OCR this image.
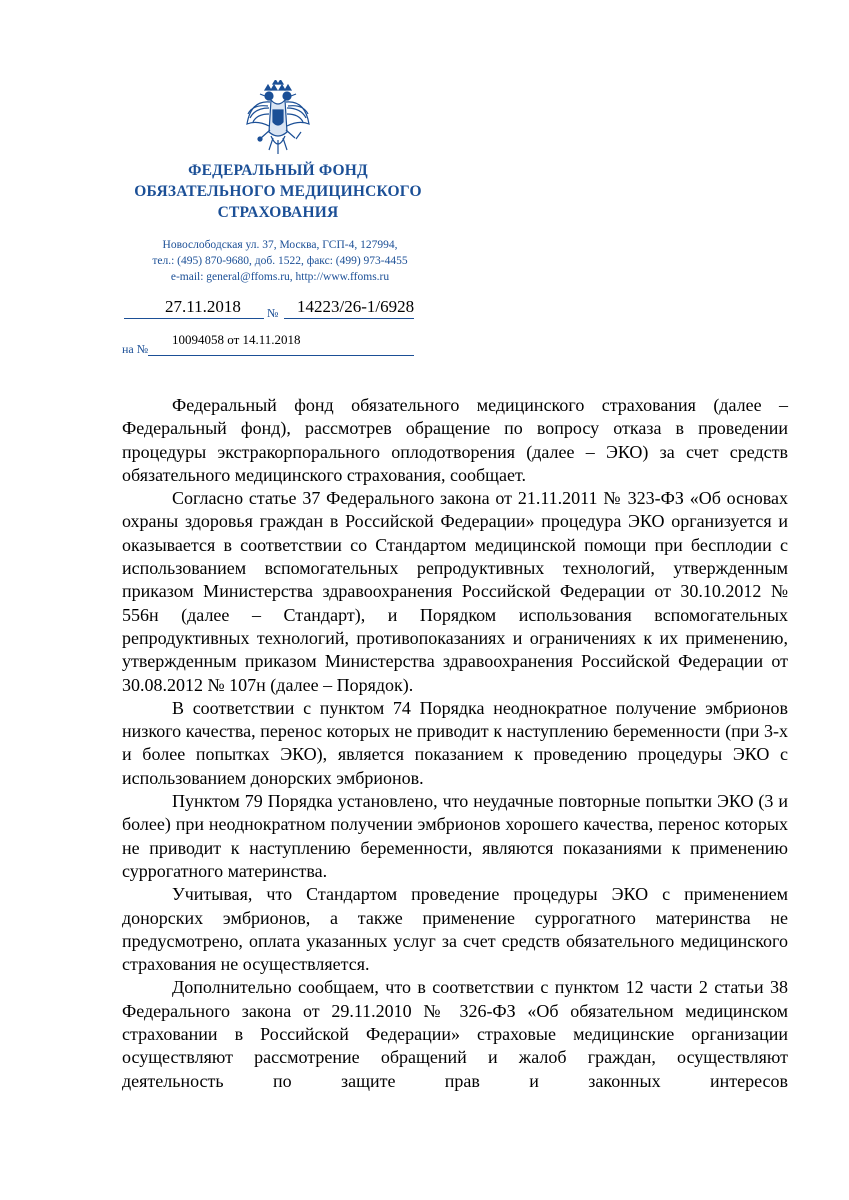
ФЕДЕРАЛЬНЫЙ ФОНД
ОБЯЗАТЕЛЬНОГО МЕДИЦИНСКОГО
СТРАХОВАНИЯ
Новослободская ул. 37, Москва, ГСП-4, 127994,
тел.: (495) 870-9680, доб. 1522, факс: (499) 973-4455
e-mail: general@ffoms.ru, http://www.ffoms.ru
27.11.2018 № 14223/26-1/6928
10094058 от 14.11.2018
на №

Федеральный фонд обязательного медицинского страхования (далее – Федеральный фонд), рассмотрев обращение по вопросу отказа в проведении процедуры экстракорпорального оплодотворения (далее – ЭКО) за счет средств обязательного медицинского страхования, сообщает.

Согласно статье 37 Федерального закона от 21.11.2011 № 323-ФЗ «Об основах охраны здоровья граждан в Российской Федерации» процедура ЭКО организуется и оказывается в соответствии со Стандартом медицинской помощи при бесплодии с использованием вспомогательных репродуктивных технологий, утвержденным приказом Министерства здравоохранения Российской Федерации от 30.10.2012 № 556н (далее – Стандарт), и Порядком использования вспомогательных репродуктивных технологий, противопоказаниях и ограничениях к их применению, утвержденным приказом Министерства здравоохранения Российской Федерации от 30.08.2012 № 107н (далее – Порядок).

В соответствии с пунктом 74 Порядка неоднократное получение эмбрионов низкого качества, перенос которых не приводит к наступлению беременности (при 3-х и более попытках ЭКО), является показанием к проведению процедуры ЭКО с использованием донорских эмбрионов.

Пунктом 79 Порядка установлено, что неудачные повторные попытки ЭКО (3 и более) при неоднократном получении эмбрионов хорошего качества, перенос которых не приводит к наступлению беременности, являются показаниями к применению суррогатного материнства.

Учитывая, что Стандартом проведение процедуры ЭКО с применением донорских эмбрионов, а также применение суррогатного материнства не предусмотрено, оплата указанных услуг за счет средств обязательного медицинского страхования не осуществляется.

Дополнительно сообщаем, что в соответствии с пунктом 12 части 2 статьи 38 Федерального закона от 29.11.2010 № 326-ФЗ «Об обязательном медицинском страховании в Российской Федерации» страховые медицинские организации осуществляют рассмотрение обращений и жалоб граждан, осуществляют деятельность по защите прав и законных интересов
